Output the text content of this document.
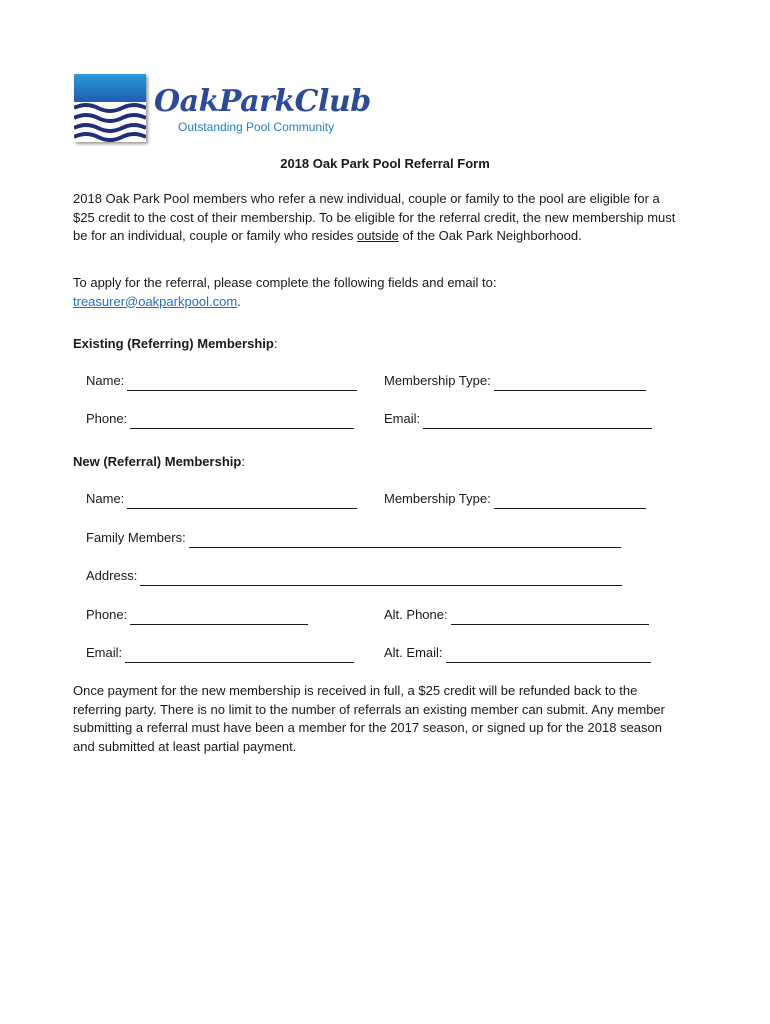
OakParkClub
Outstanding Pool Community
2018 Oak Park Pool Referral Form

2018 Oak Park Pool members who refer a new individual, couple or family to the pool are eligible for a $25 credit to the cost of their membership. To be eligible for the referral credit, the new membership must be for an individual, couple or family who resides outside of the Oak Park Neighborhood.

To apply for the referral, please complete the following fields and email to:
treasurer@oakparkpool.com.

Existing (Referring) Membership:
Name:	Membership Type:
Phone:	Email:
New (Referral) Membership:
Name:	Membership Type:
Family Members:
Address:
Phone:	Alt. Phone:
Email:	Alt. Email:

Once payment for the new membership is received in full, a $25 credit will be refunded back to the referring party. There is no limit to the number of referrals an existing member can submit. Any member submitting a referral must have been a member for the 2017 season, or signed up for the 2018 season and submitted at least partial payment.
